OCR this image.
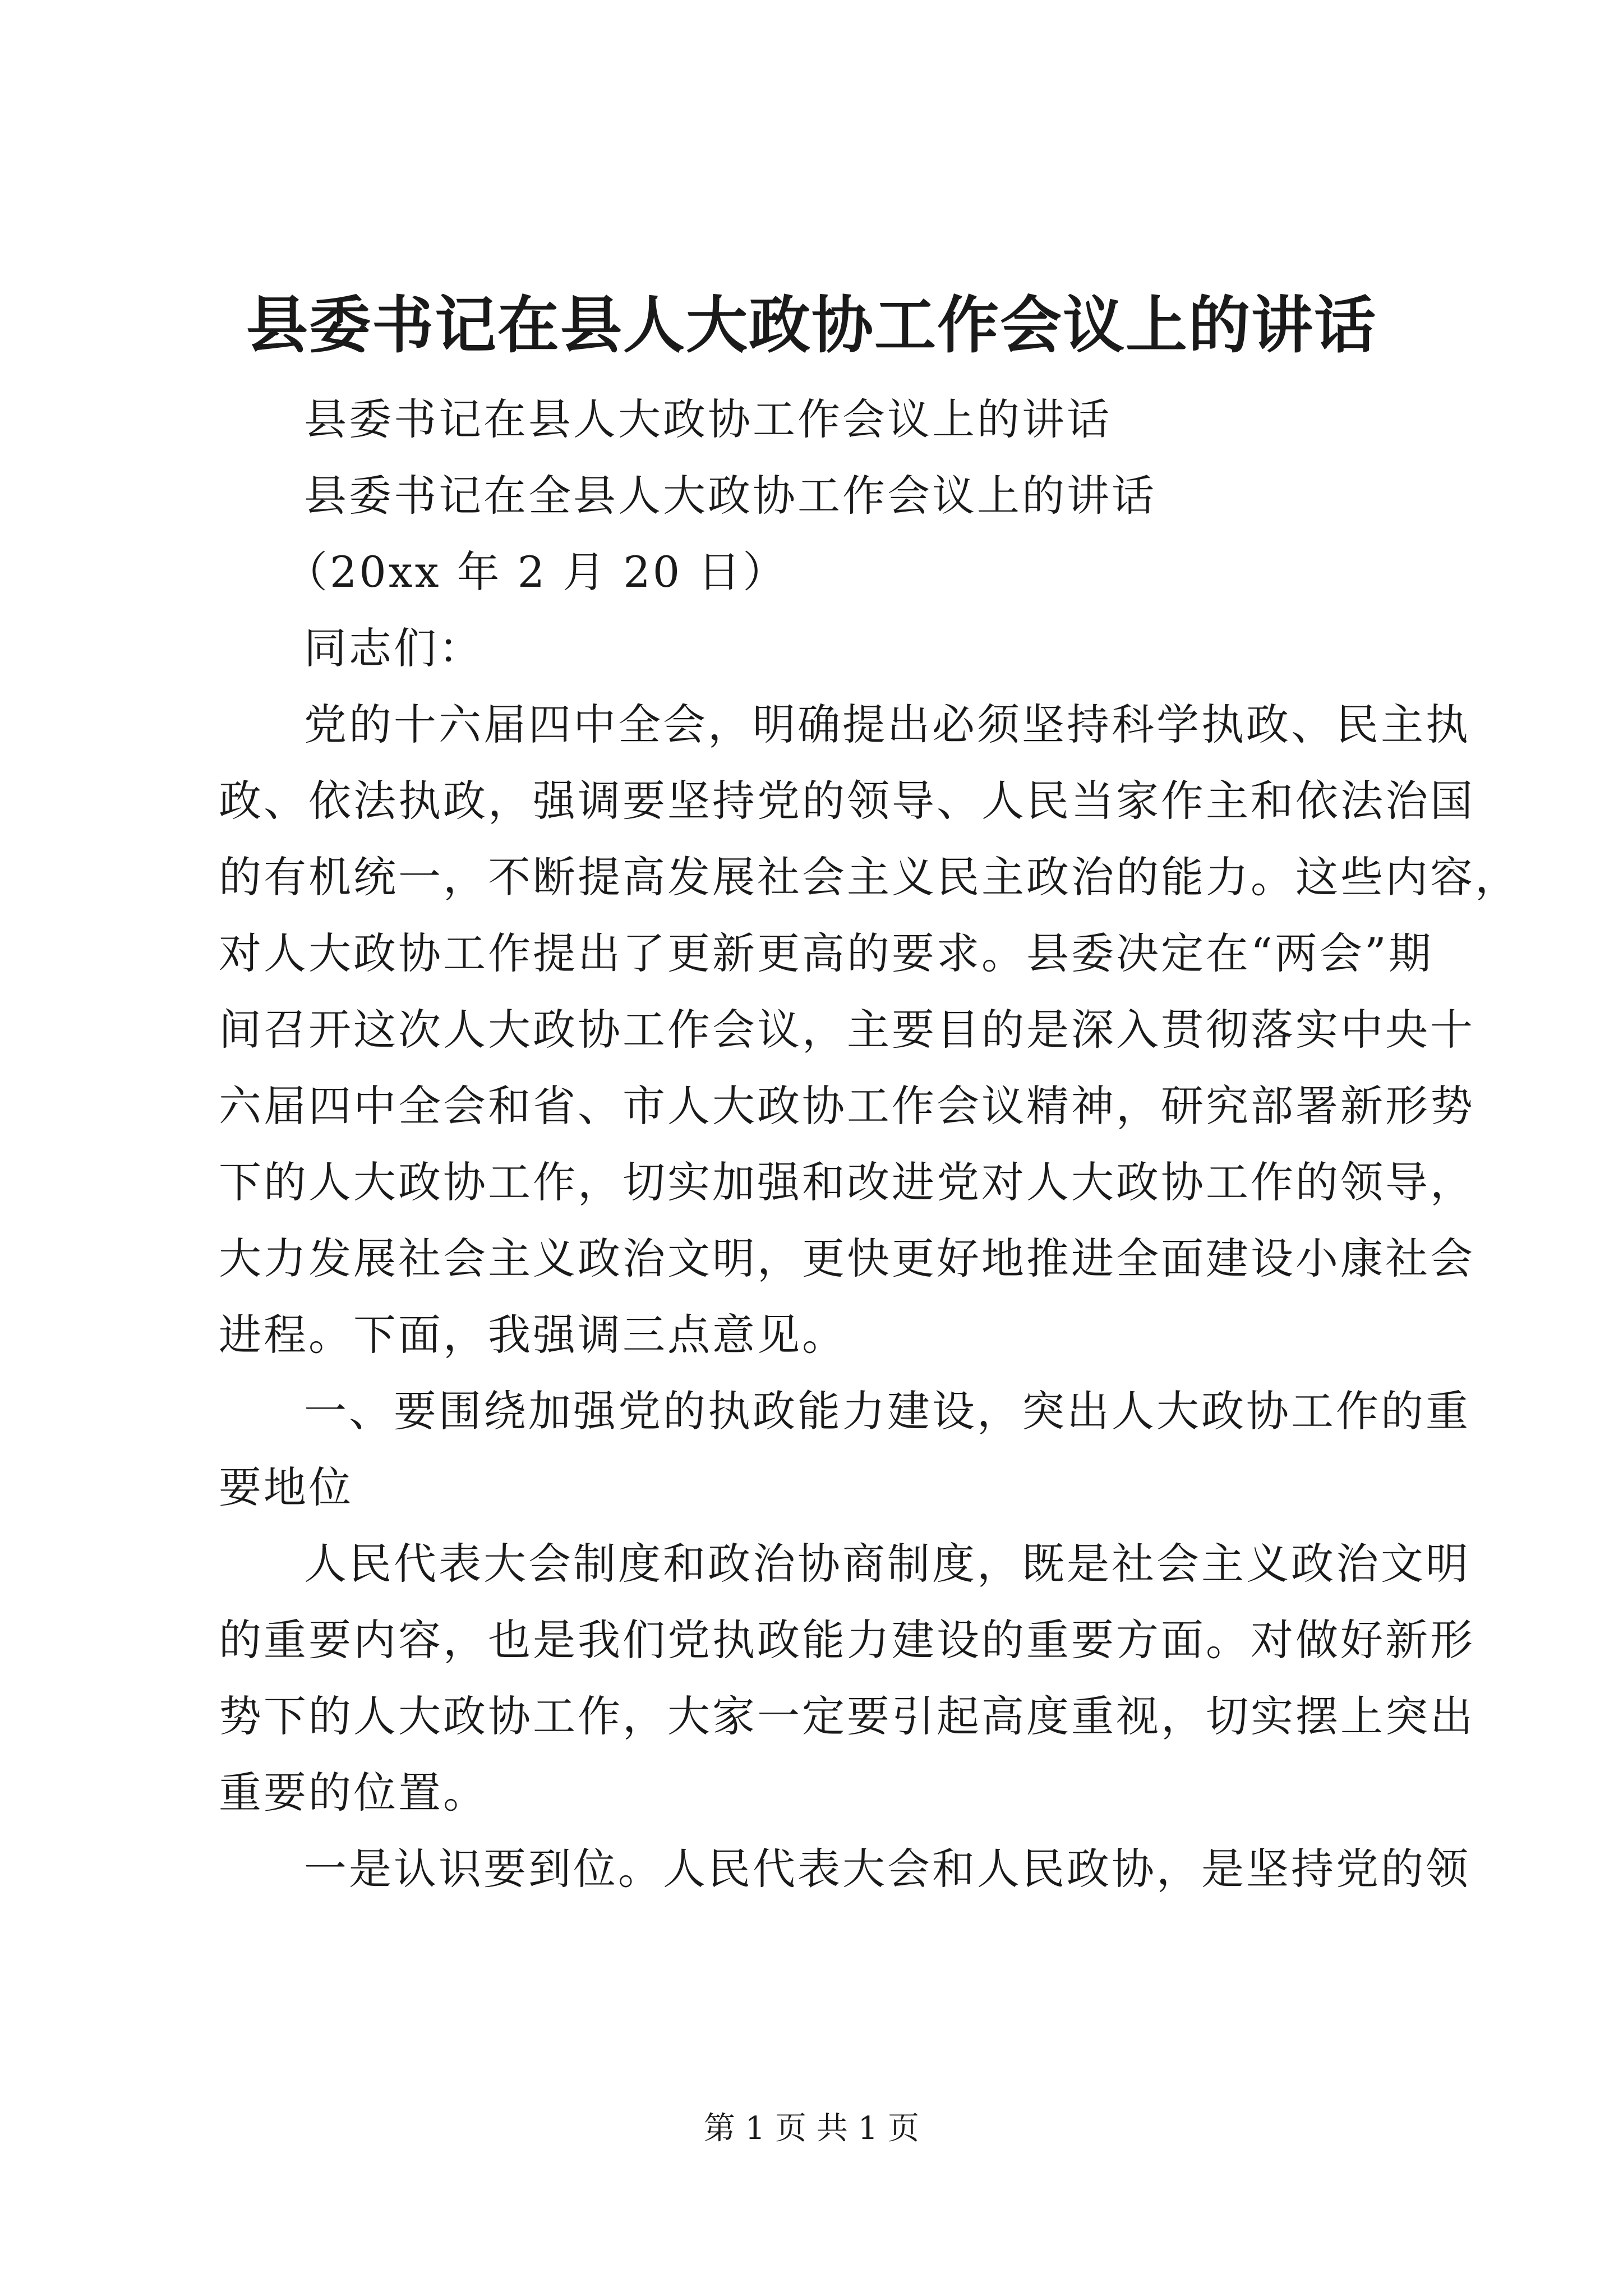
县委书记在县人大政协工作会议上的讲话
县委书记在县人大政协工作会议上的讲话
县委书记在全县人大政协工作会议上的讲话
（20xx 年 2 月 20 日）
同志们：
党的十六届四中全会，明确提出必须坚持科学执政、民主执
政、依法执政，强调要坚持党的领导、人民当家作主和依法治国
的有机统一，不断提高发展社会主义民主政治的能力。这些内容，
对人大政协工作提出了更新更高的要求。县委决定在“两会”期
间召开这次人大政协工作会议，主要目的是深入贯彻落实中央十
六届四中全会和省、市人大政协工作会议精神，研究部署新形势
下的人大政协工作，切实加强和改进党对人大政协工作的领导，
大力发展社会主义政治文明，更快更好地推进全面建设小康社会
进程。下面，我强调三点意见。
一、要围绕加强党的执政能力建设，突出人大政协工作的重
要地位
人民代表大会制度和政治协商制度，既是社会主义政治文明
的重要内容，也是我们党执政能力建设的重要方面。对做好新形
势下的人大政协工作，大家一定要引起高度重视，切实摆上突出
重要的位置。
一是认识要到位。人民代表大会和人民政协，是坚持党的领
第 1 页 共 1 页
